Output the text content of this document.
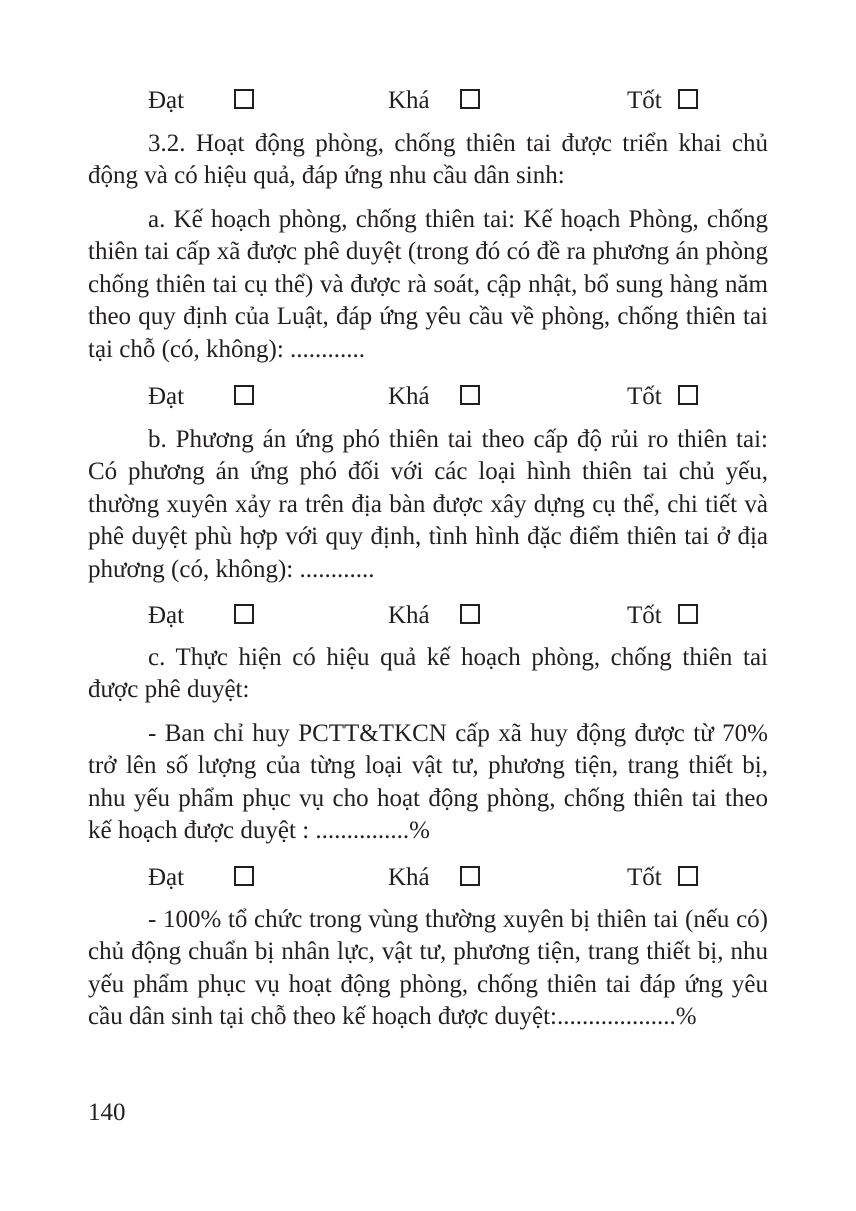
Đạt	Khá	Tốt

3.2. Hoạt động phòng, chống thiên tai được triển khai chủ động và có hiệu quả, đáp ứng nhu cầu dân sinh:

a. Kế hoạch phòng, chống thiên tai: Kế hoạch Phòng, chống thiên tai cấp xã được phê duyệt (trong đó có đề ra phương án phòng chống thiên tai cụ thể) và được rà soát, cập nhật, bổ sung hàng năm theo quy định của Luật, đáp ứng yêu cầu về phòng, chống thiên tai tại chỗ (có, không): ............

Đạt	Khá	Tốt

b. Phương án ứng phó thiên tai theo cấp độ rủi ro thiên tai: Có phương án ứng phó đối với các loại hình thiên tai chủ yếu, thường xuyên xảy ra trên địa bàn được xây dựng cụ thể, chi tiết và phê duyệt phù hợp với quy định, tình hình đặc điểm thiên tai ở địa phương (có, không): ............

Đạt	Khá	Tốt

c. Thực hiện có hiệu quả kế hoạch phòng, chống thiên tai được phê duyệt:

- Ban chỉ huy PCTT&TKCN cấp xã huy động được từ 70% trở lên số lượng của từng loại vật tư, phương tiện, trang thiết bị, nhu yếu phẩm phục vụ cho hoạt động phòng, chống thiên tai theo kế hoạch được duyệt : ...............%

Đạt	Khá	Tốt

- 100% tổ chức trong vùng thường xuyên bị thiên tai (nếu có) chủ động chuẩn bị nhân lực, vật tư, phương tiện, trang thiết bị, nhu yếu phẩm phục vụ hoạt động phòng, chống thiên tai đáp ứng yêu cầu dân sinh tại chỗ theo kế hoạch được duyệt:...................%

140
